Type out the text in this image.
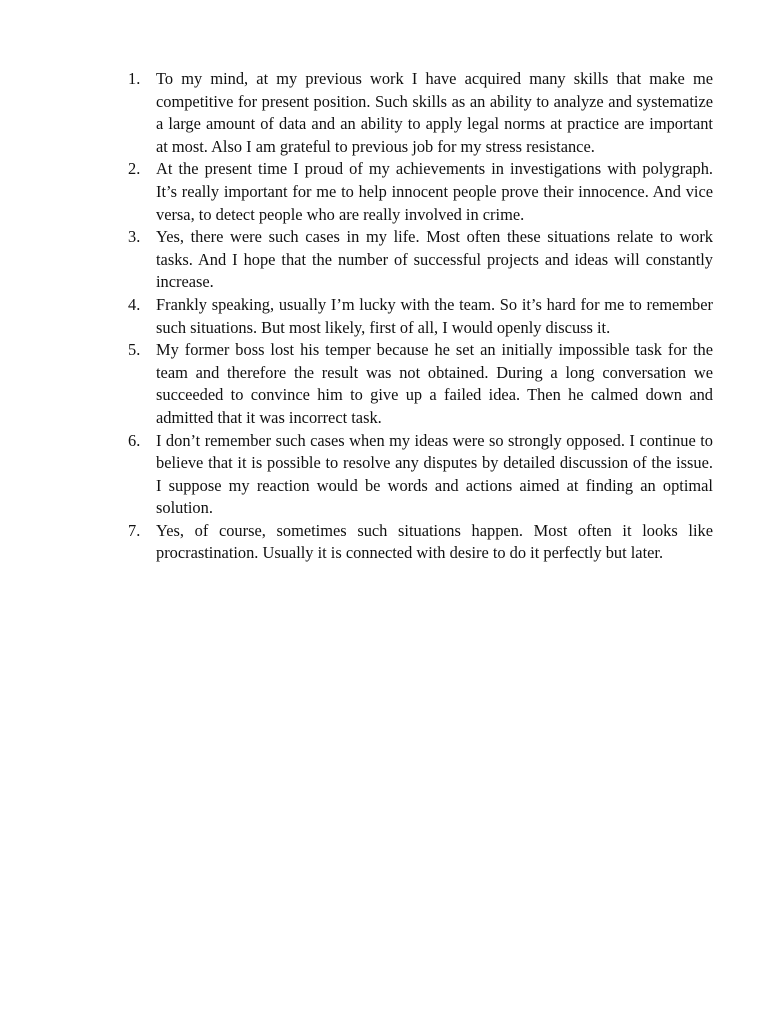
1. To my mind, at my previous work I have acquired many skills that make me competitive for present position. Such skills as an ability to analyze and systematize a large amount of data and an ability to apply legal norms at practice are important at most. Also I am grateful to previous job for my stress resistance.
2. At the present time I proud of my achievements in investigations with polygraph. It’s really important for me to help innocent people prove their innocence. And vice versa, to detect people who are really involved in crime.
3. Yes, there were such cases in my life. Most often these situations relate to work tasks. And I hope that the number of successful projects and ideas will constantly increase.
4. Frankly speaking, usually I’m lucky with the team. So it’s hard for me to remember such situations. But most likely, first of all, I would openly discuss it.
5. My former boss lost his temper because he set an initially impossible task for the team and therefore the result was not obtained. During a long conversation we succeeded to convince him to give up a failed idea. Then he calmed down and admitted that it was incorrect task.
6. I don’t remember such cases when my ideas were so strongly opposed. I continue to believe that it is possible to resolve any disputes by detailed discussion of the issue. I suppose my reaction would be words and actions aimed at finding an optimal solution.
7. Yes, of course, sometimes such situations happen. Most often it looks like procrastination. Usually it is connected with desire to do it perfectly but later.
